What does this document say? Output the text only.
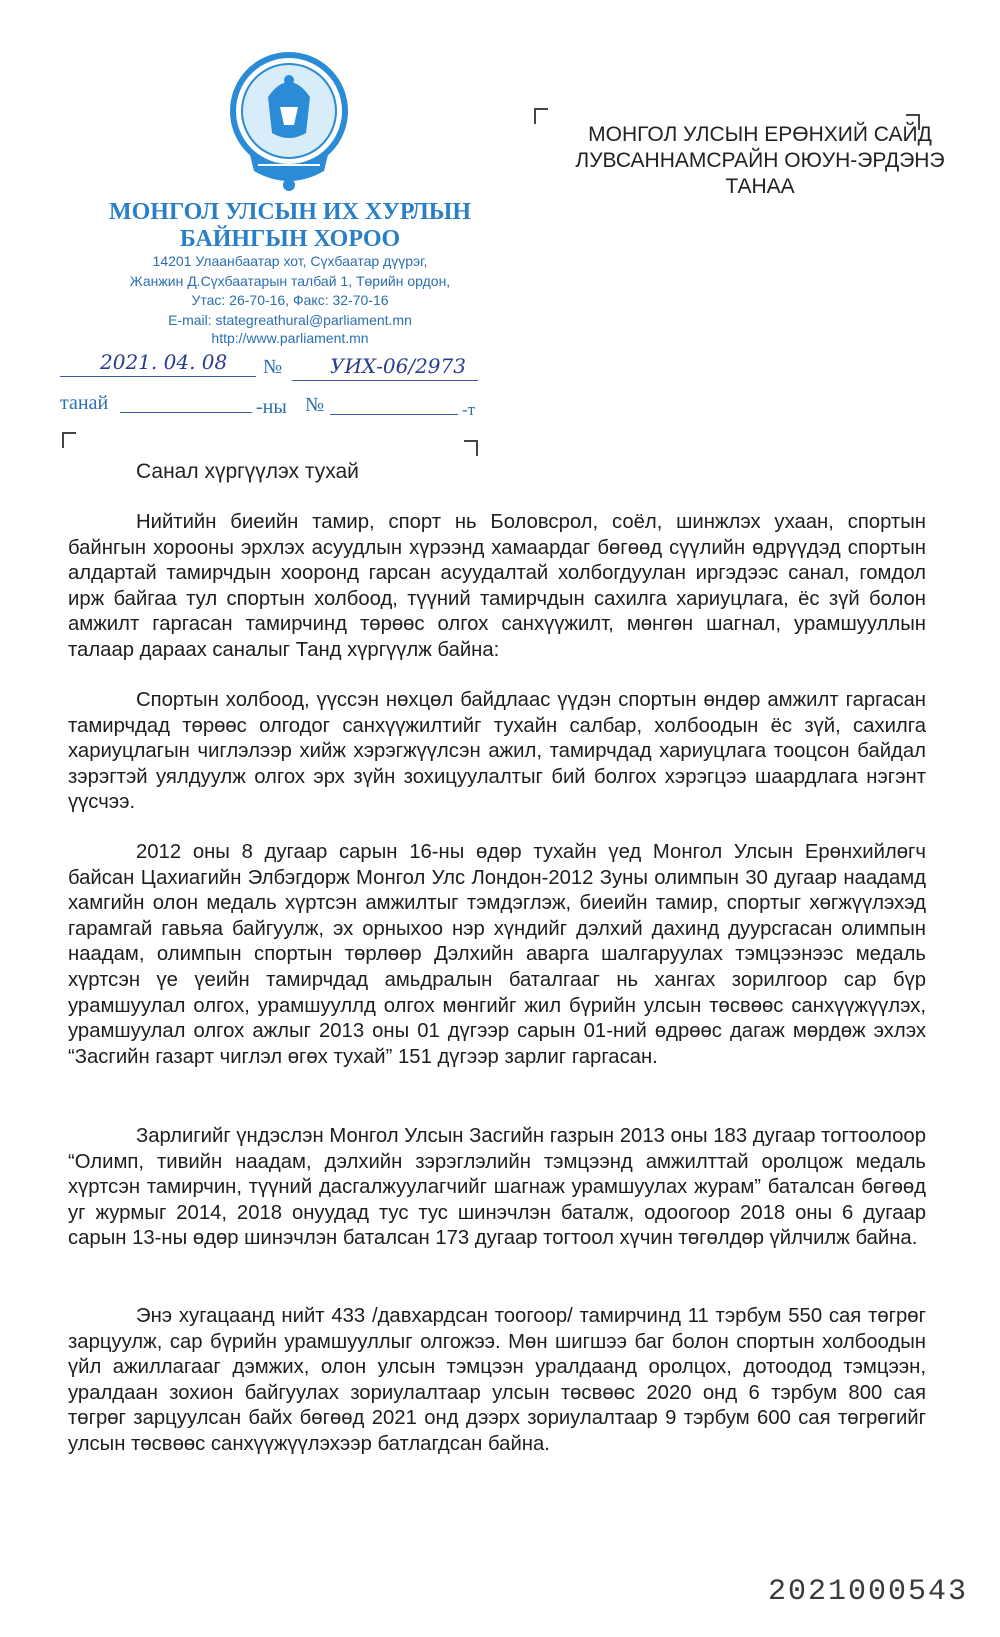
МОНГОЛ УЛСЫН ИХ ХУРЛЫН
БАЙНГЫН ХОРОО
14201 Улаанбаатар хот, Сүхбаатар дүүрэг,
Жанжин Д.Сүхбаатарын талбай 1, Төрийн ордон,
Утас: 26-70-16, Факс: 32-70-16
E-mail: stategreathural@parliament.mn
http://www.parliament.mn
МОНГОЛ УЛСЫН ЕРӨНХИЙ САЙД
ЛУВСАННАМСРАЙН ОЮУН-ЭРДЭНЭ
ТАНАА
2021. 04. 08 № УИХ-06/2973
танай	-ны №	-т
Санал хүргүүлэх тухай

Нийтийн биеийн тамир, спорт нь Боловсрол, соёл, шинжлэх ухаан, спортын байнгын хорооны эрхлэх асуудлын хүрээнд хамаардаг бөгөөд сүүлийн өдрүүдэд спортын алдартай тамирчдын хооронд гарсан асуудалтай холбогдуулан иргэдээс санал, гомдол ирж байгаа тул спортын холбоод, түүний тамирчдын сахилга хариуцлага, ёс зүй болон амжилт гаргасан тамирчинд төрөөс олгох санхүүжилт, мөнгөн шагнал, урамшууллын талаар дараах саналыг Танд хүргүүлж байна:

Спортын холбоод, үүссэн нөхцөл байдлаас үүдэн спортын өндөр амжилт гаргасан тамирчдад төрөөс олгодог санхүүжилтийг тухайн салбар, холбоодын ёс зүй, сахилга хариуцлагын чиглэлээр хийж хэрэгжүүлсэн ажил, тамирчдад хариуцлага тооцсон байдал зэрэгтэй уялдуулж олгох эрх зүйн зохицуулалтыг бий болгох хэрэгцээ шаардлага нэгэнт үүсчээ.

2012 оны 8 дугаар сарын 16-ны өдөр тухайн үед Монгол Улсын Ерөнхийлөгч байсан Цахиагийн Элбэгдорж Монгол Улс Лондон-2012 Зуны олимпын 30 дугаар наадамд хамгийн олон медаль хүртсэн амжилтыг тэмдэглэж, биеийн тамир, спортыг хөгжүүлэхэд гарамгай гавьяа байгуулж, эх орныхоо нэр хүндийг дэлхий дахинд дуурсгасан олимпын наадам, олимпын спортын төрлөөр Дэлхийн аварга шалгаруулах тэмцээнээс медаль хүртсэн үе үеийн тамирчдад амьдралын баталгааг нь хангах зорилгоор сар бүр урамшуулал олгох, урамшууллд олгох мөнгийг жил бүрийн улсын төсвөөс санхүүжүүлэх, урамшуулал олгох ажлыг 2013 оны 01 дүгээр сарын 01-ний өдрөөс дагаж мөрдөж эхлэх “Засгийн газарт чиглэл өгөх тухай” 151 дүгээр зарлиг гаргасан.

Зарлигийг үндэслэн Монгол Улсын Засгийн газрын 2013 оны 183 дугаар тогтоолоор “Олимп, тивийн наадам, дэлхийн зэрэглэлийн тэмцээнд амжилттай оролцож медаль хүртсэн тамирчин, түүний дасгалжуулагчийг шагнаж урамшуулах журам” баталсан бөгөөд уг журмыг 2014, 2018 онуудад тус тус шинэчлэн баталж, одоогоор 2018 оны 6 дугаар сарын 13-ны өдөр шинэчлэн баталсан 173 дугаар тогтоол хүчин төгөлдөр үйлчилж байна.

Энэ хугацаанд нийт 433 /давхардсан тоогоор/ тамирчинд 11 тэрбум 550 сая төгрөг зарцуулж, сар бүрийн урамшууллыг олгожээ. Мөн шигшээ баг болон спортын холбоодын үйл ажиллагааг дэмжих, олон улсын тэмцээн уралдаанд оролцох, дотоодод тэмцээн, уралдаан зохион байгуулах зориулалтаар улсын төсвөөс 2020 онд 6 тэрбум 800 сая төгрөг зарцуулсан байх бөгөөд 2021 онд дээрх зориулалтаар 9 тэрбум 600 сая төгрөгийг улсын төсвөөс санхүүжүүлэхээр батлагдсан байна.

2021000543
